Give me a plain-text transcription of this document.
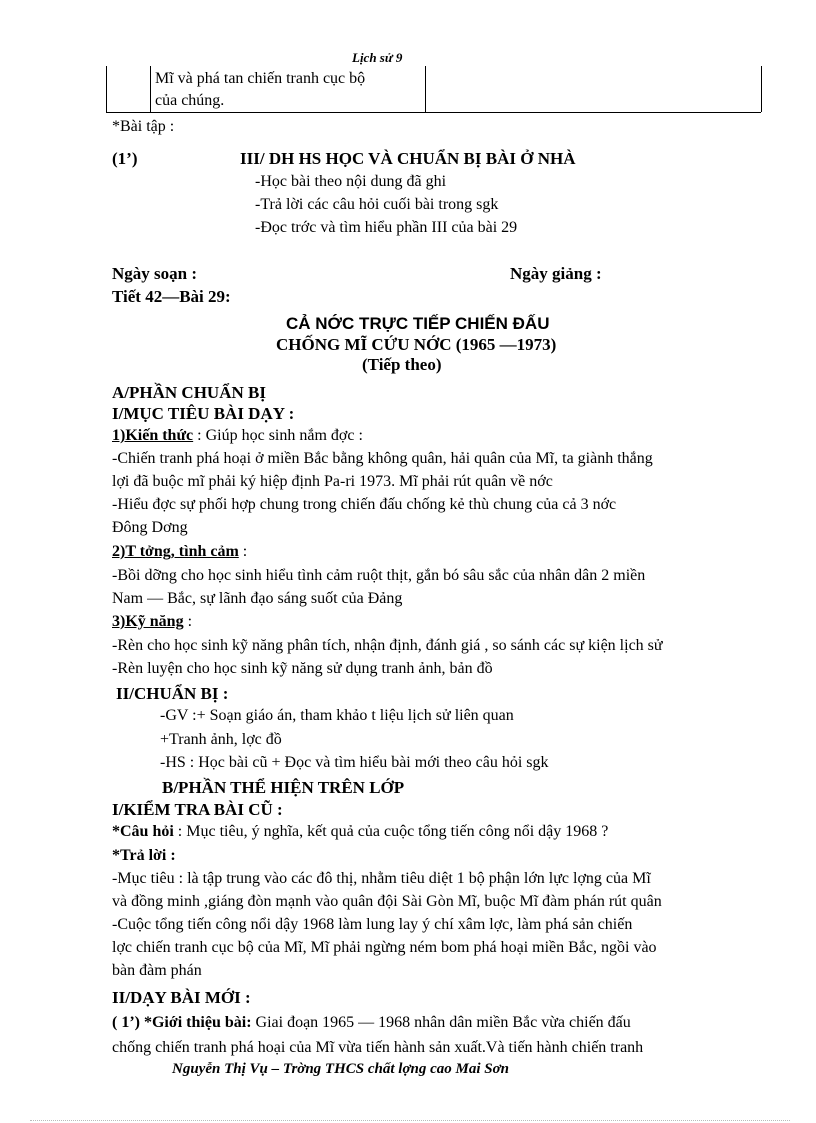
Lịch sử 9
Mĩ và phá tan chiến tranh cục bộ
của chúng.
*Bài tập :
(1’)	III/ DH HS HỌC VÀ CHUẨN BỊ BÀI Ở NHÀ
-Học bài theo nội dung đã ghi
-Trả lời các câu hỏi cuối bài trong sgk
-Đọc trớc và tìm hiểu phần III của bài 29
Ngày soạn :	Ngày giảng :
Tiết 42—Bài 29:
CẢ NỚC TRỰC TIẾP CHIẾN ĐẤU
CHỐNG MĨ CỨU NỚC (1965 —1973)
(Tiếp theo)
A/PHẦN CHUẨN BỊ
I/MỤC TIÊU BÀI DẠY :
1)Kiến thức : Giúp học sinh nắm đợc :
-Chiến tranh phá hoại ở miền Bắc bằng không quân, hải quân của Mĩ, ta giành thắng
lợi đã buộc mĩ phải ký hiệp định Pa-ri 1973. Mĩ phải rút quân về nớc
-Hiểu đợc sự phối hợp chung trong chiến đấu chống kẻ thù chung của cả 3 nớc
Đông Dơng
2)T tởng, tình cảm :
-Bồi dỡng cho học sinh hiểu tình cảm ruột thịt, gắn bó sâu sắc của nhân dân 2 miền
Nam — Bắc, sự lãnh đạo sáng suốt của Đảng
3)Kỹ năng :
-Rèn cho học sinh kỹ năng phân tích, nhận định, đánh giá , so sánh các sự kiện lịch sử
-Rèn luyện cho học sinh kỹ năng sử dụng tranh ảnh, bản đồ
II/CHUẨN BỊ :
-GV :+ Soạn giáo án, tham khảo t liệu lịch sử liên quan
+Tranh ảnh, lợc đồ
-HS : Học bài cũ + Đọc và tìm hiểu bài mới theo câu hỏi sgk
B/PHẦN THỂ HIỆN TRÊN LỚP
I/KIỂM TRA BÀI CŨ :
*Câu hỏi : Mục tiêu, ý nghĩa, kết quả của cuộc tổng tiến công nổi dậy 1968 ?
*Trả lời :
-Mục tiêu : là tập trung vào các đô thị, nhằm tiêu diệt 1 bộ phận lớn lực lợng của Mĩ
và đồng minh ,giáng đòn mạnh vào quân đội Sài Gòn Mĩ, buộc Mĩ đàm phán rút quân
-Cuộc tổng tiến công nổi dậy 1968 làm lung lay ý chí xâm lợc, làm phá sản chiến
lợc chiến tranh cục bộ của Mĩ, Mĩ phải ngừng ném bom phá hoại miền Bắc, ngồi vào
bàn đàm phán
II/DẠY BÀI MỚI :
( 1’) *Giới thiệu bài: Giai đoạn 1965 — 1968 nhân dân miền Bắc vừa chiến đấu
chống chiến tranh phá hoại của Mĩ vừa tiến hành sản xuất.Và tiến hành chiến tranh
Nguyễn Thị Vụ – Trờng THCS chất lợng cao Mai Sơn
